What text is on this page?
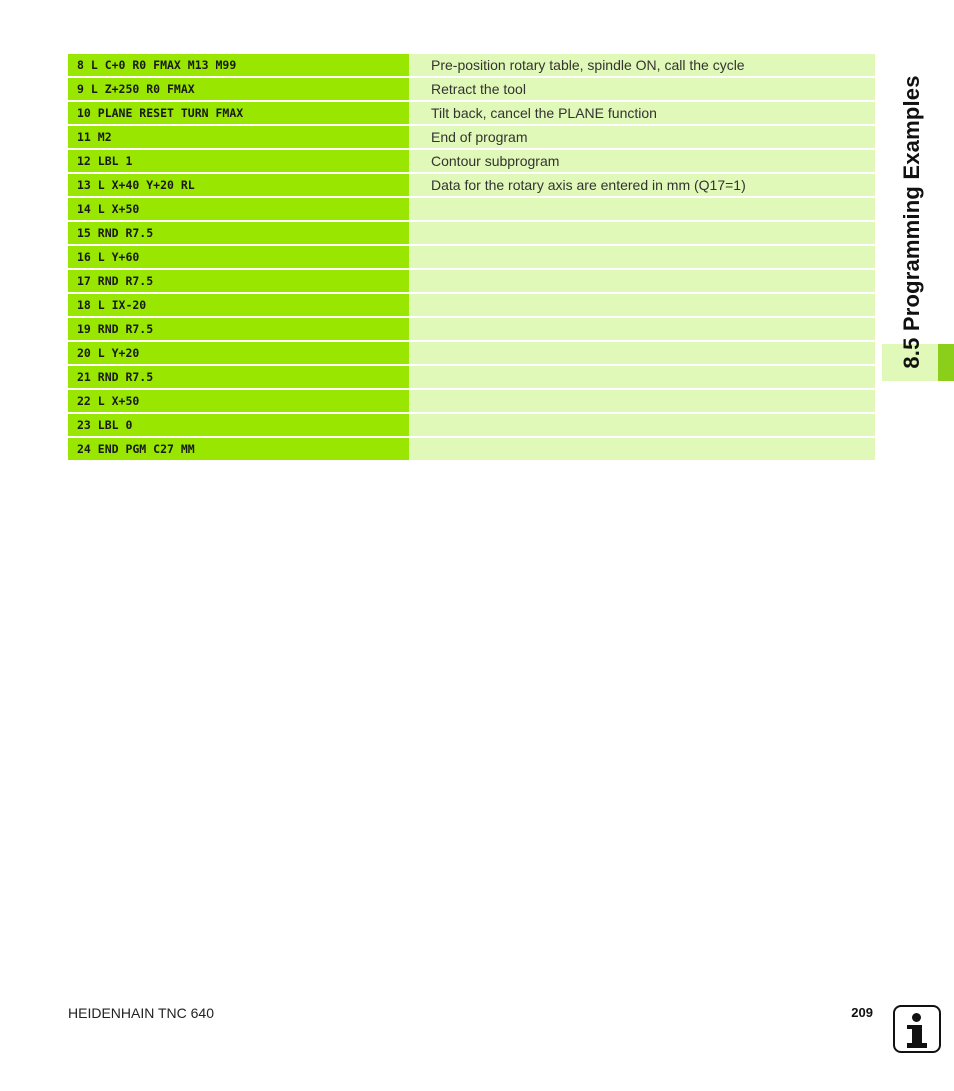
8 L C+0 R0 FMAX M13 M99	Pre-position rotary table, spindle ON, call the cycle
9 L Z+250 R0 FMAX	Retract the tool
10 PLANE RESET TURN FMAX	Tilt back, cancel the PLANE function
11 M2	End of program
12 LBL 1	Contour subprogram
13 L X+40 Y+20 RL	Data for the rotary axis are entered in mm (Q17=1)
14 L X+50
15 RND R7.5
16 L Y+60
17 RND R7.5
18 L IX-20
19 RND R7.5
20 L Y+20
21 RND R7.5
22 L X+50
23 LBL 0
24 END PGM C27 MM
8.5 Programming Examples
HEIDENHAIN TNC 640	209
